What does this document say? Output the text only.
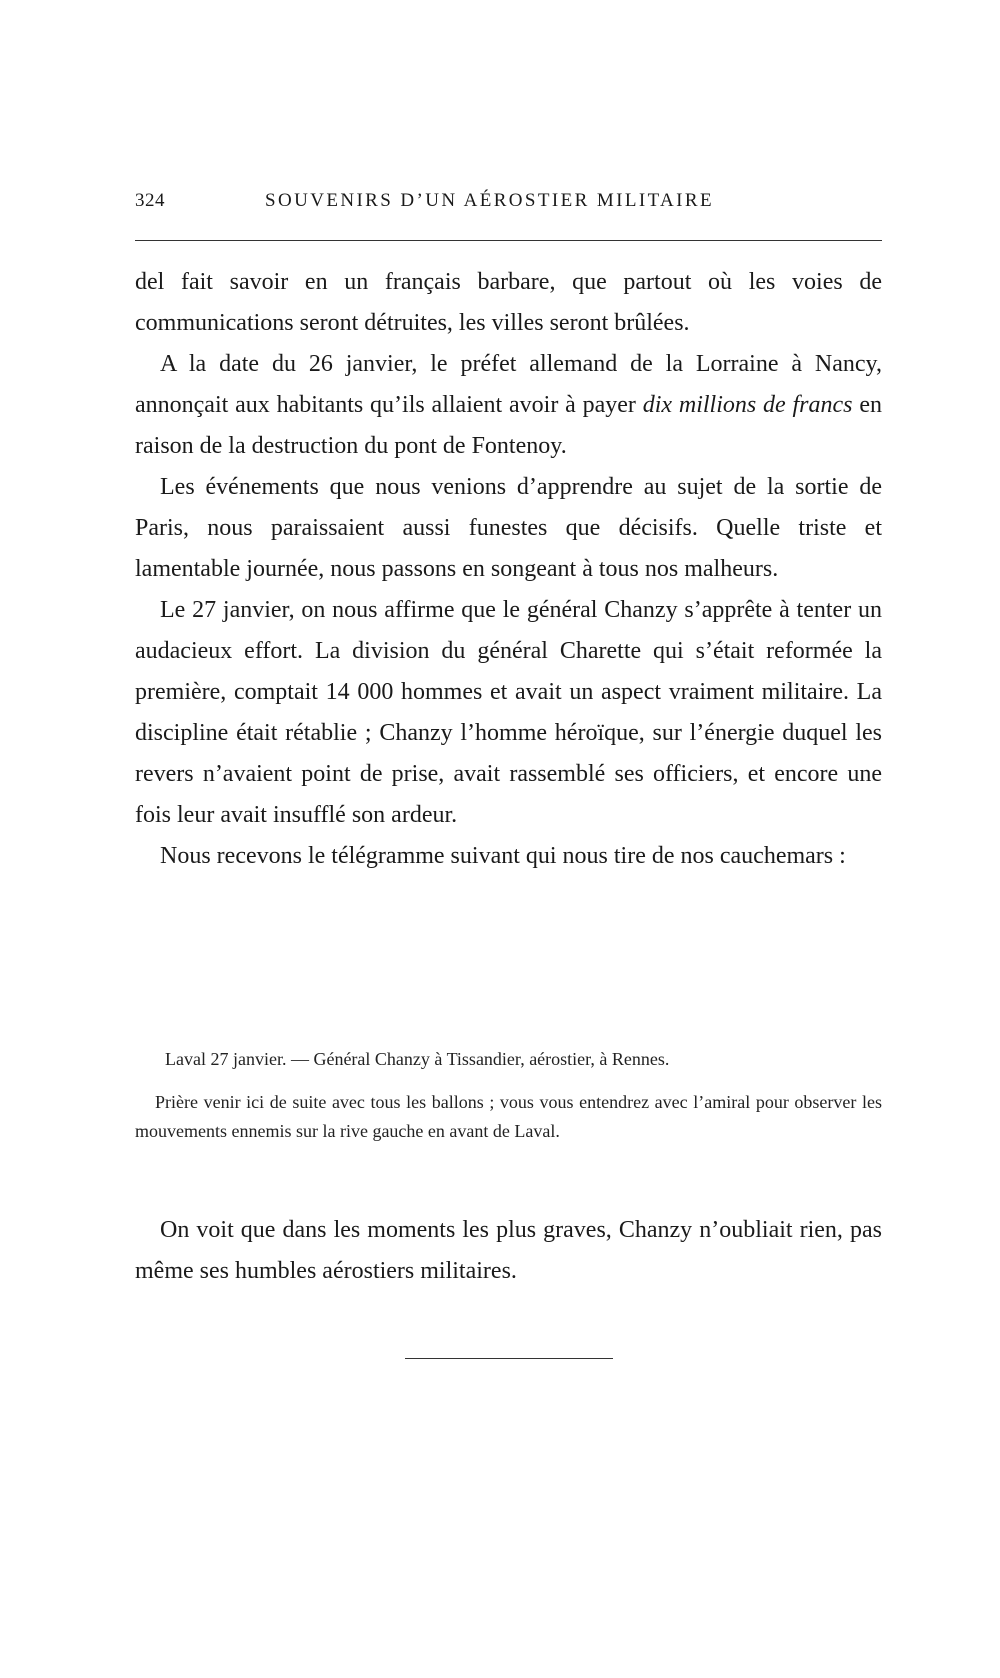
324	SOUVENIRS D’UN AÉROSTIER MILITAIRE

del fait savoir en un français barbare, que partout où les voies de communications seront détruites, les villes seront brûlées.

A la date du 26 janvier, le préfet allemand de la Lorraine à Nancy, annonçait aux habitants qu’ils allaient avoir à payer dix millions de francs en raison de la destruction du pont de Fontenoy.

Les événements que nous venions d’apprendre au sujet de la sortie de Paris, nous paraissaient aussi funestes que décisifs. Quelle triste et lamentable journée, nous passons en songeant à tous nos malheurs.

Le 27 janvier, on nous affirme que le général Chanzy s’apprête à tenter un audacieux effort. La division du général Charette qui s’était reformée la première, comptait 14 000 hommes et avait un aspect vraiment militaire. La discipline était rétablie ; Chanzy l’homme héroïque, sur l’énergie duquel les revers n’avaient point de prise, avait rassemblé ses officiers, et encore une fois leur avait insufflé son ardeur.

Nous recevons le télégramme suivant qui nous tire de nos cauchemars :

Laval 27 janvier. — Général Chanzy à Tissandier, aérostier, à Rennes.

Prière venir ici de suite avec tous les ballons ; vous vous entendrez avec l’amiral pour observer les mouvements ennemis sur la rive gauche en avant de Laval.

On voit que dans les moments les plus graves, Chanzy n’oubliait rien, pas même ses humbles aérostiers militaires.
